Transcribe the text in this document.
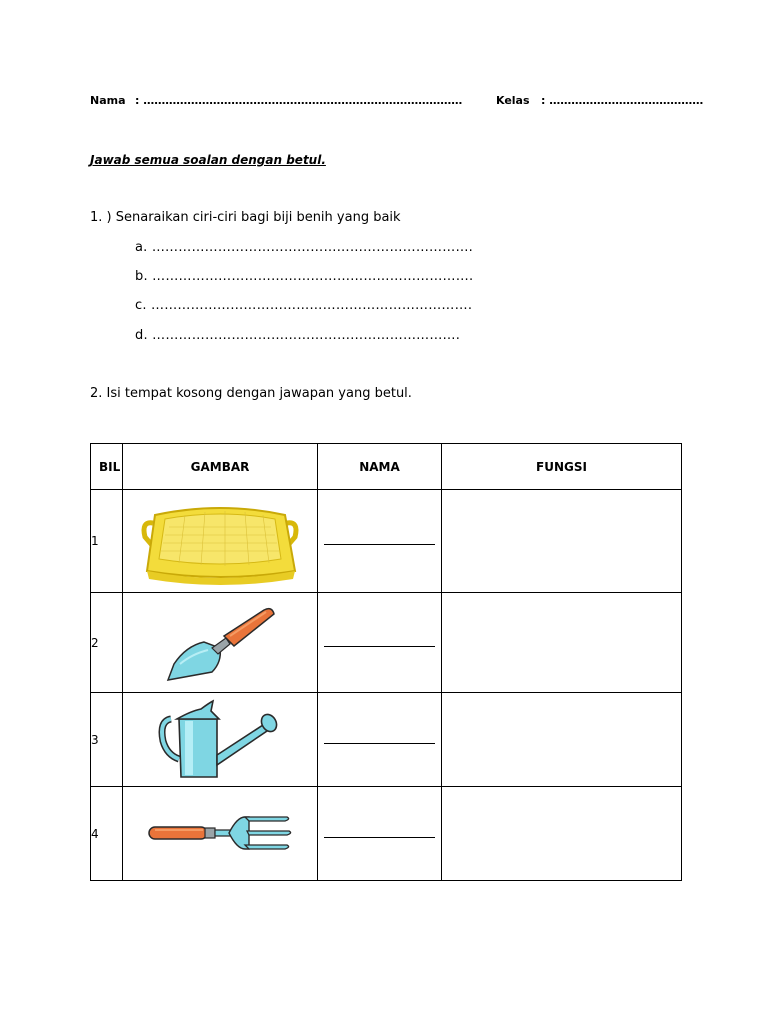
Nama : ……………………………………………………………………………	Kelas : ……………………………………
Jawab semua soalan dengan betul.
1. ) Senaraikan ciri-ciri bagi biji benih yang baik
a. ……………………………………………………………….
b. ……………………………………………………………….
c. ……………………………………………………………….
d. …………………………………………………………….
2. Isi tempat kosong dengan jawapan yang betul.
BIL	GAMBAR	NAMA	FUNGSI
1	

2	

3	

4	
